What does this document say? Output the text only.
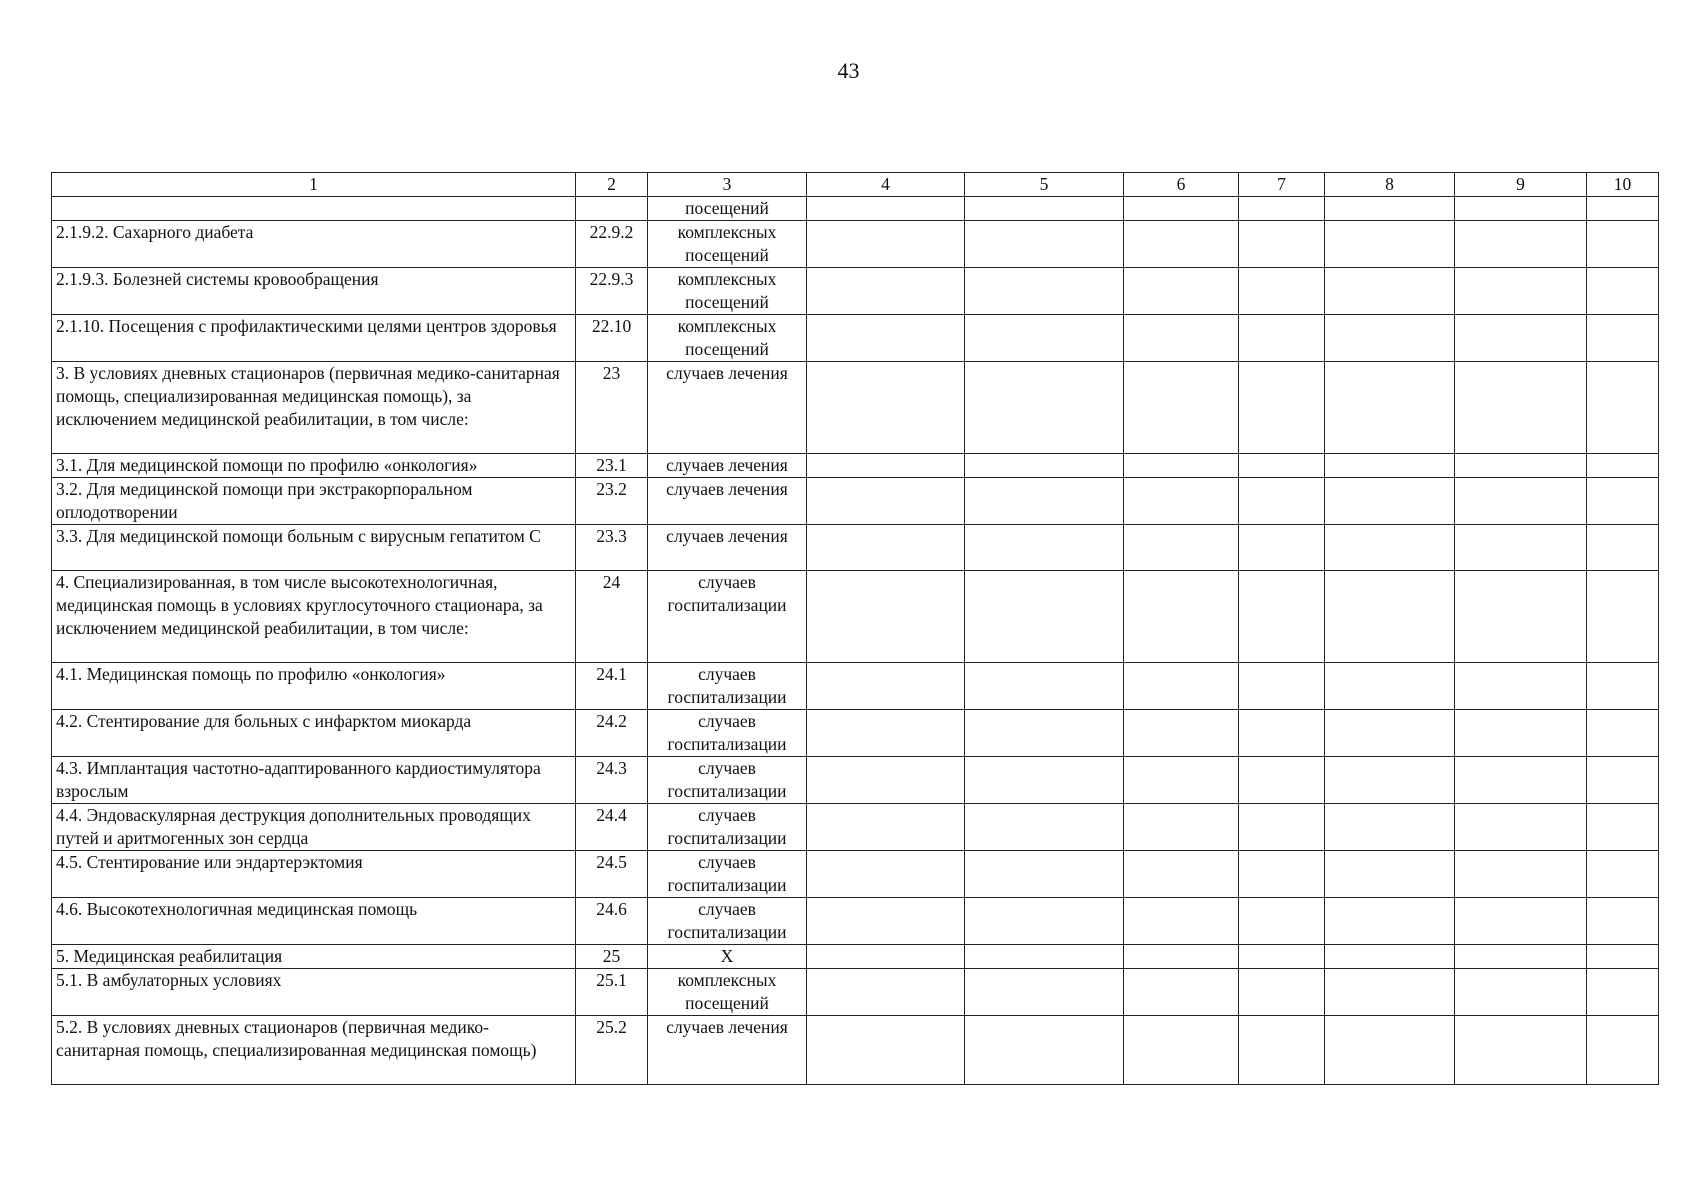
43
1	2	3	4	5	6	7	8	9	10
		посещений							
2.1.9.2. Сахарного диабета	22.9.2	комплексных посещений							
2.1.9.3. Болезней системы кровообращения	22.9.3	комплексных посещений							
2.1.10. Посещения с профилактическими целями центров здоровья	22.10	комплексных посещений							
3. В условиях дневных стационаров (первичная медико-санитарная помощь, специализированная медицинская помощь), за исключением медицинской реабилитации, в том числе:	23	случаев лечения							
3.1. Для медицинской помощи по профилю «онкология»	23.1	случаев лечения							
3.2. Для медицинской помощи при экстракорпоральном оплодотворении	23.2	случаев лечения							
3.3. Для медицинской помощи больным с вирусным гепатитом С	23.3	случаев лечения							
4. Специализированная, в том числе высокотехнологичная, медицинская помощь в условиях круглосуточного стационара, за исключением медицинской реабилитации, в том числе:	24	случаев госпитализации							
4.1. Медицинская помощь по профилю «онкология»	24.1	случаев госпитализации							
4.2. Стентирование для больных с инфарктом миокарда	24.2	случаев госпитализации							
4.3. Имплантация частотно-адаптированного кардиостимулятора взрослым	24.3	случаев госпитализации							
4.4. Эндоваскулярная деструкция дополнительных проводящих путей и аритмогенных зон сердца	24.4	случаев госпитализации							
4.5. Стентирование или эндартерэктомия	24.5	случаев госпитализации							
4.6. Высокотехнологичная медицинская помощь	24.6	случаев госпитализации							
5. Медицинская реабилитация	25	Х							
5.1. В амбулаторных условиях	25.1	комплексных посещений							
5.2. В условиях дневных стационаров (первичная медико-санитарная помощь, специализированная медицинская помощь)	25.2	случаев лечения							
